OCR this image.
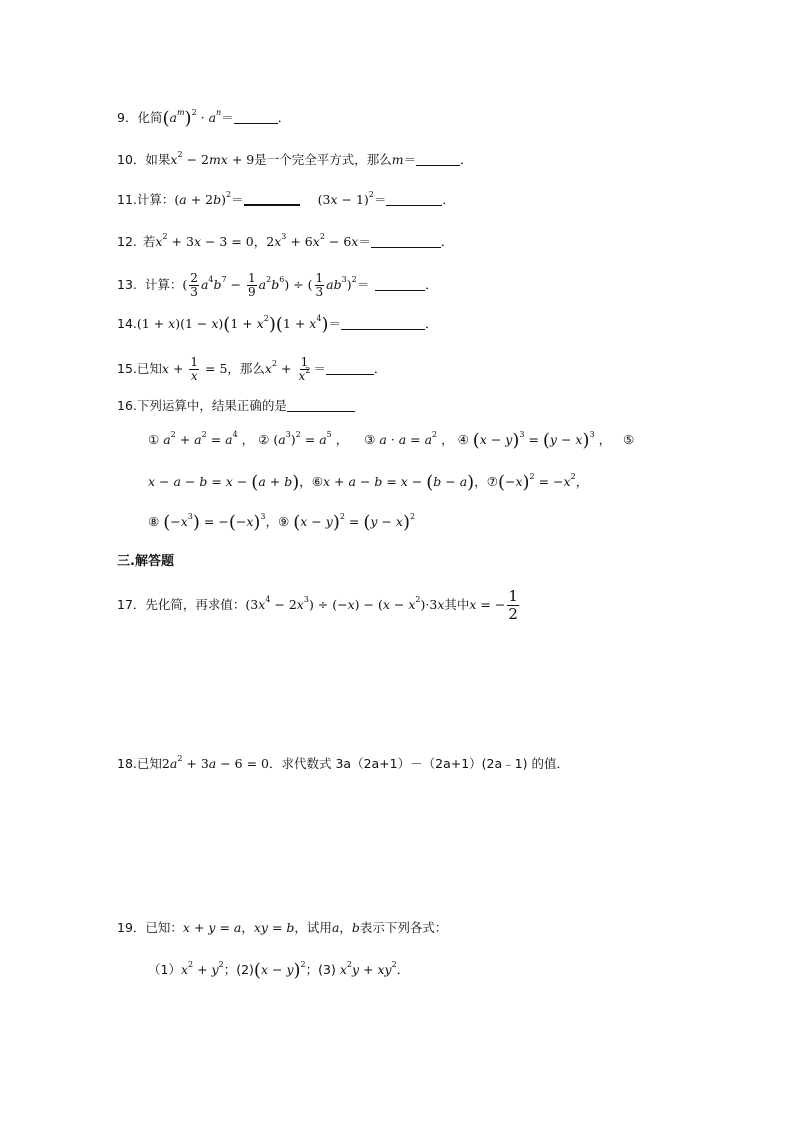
9．化简$(a^m)^2 \cdot a^n=$	．
10．如果$x^2 - 2mx + 9$是一个完全平方式，那么m＝	．
11.计算：$(a + 2b)^2=$	$(3x - 1)^2=$	．
12. 若$x^2 + 3x - 3 = 0$，$2x^3 + 6x^2 - 6x=$	．
13. 计算：( $\frac{2}{3} a^4b^7 - \frac{1}{9} a^2b^6$) ÷ ( $\frac{1}{3} ab^3)^2=$	．
$14.(1 + x)(1 - x)(1 + x^2)(1 + x^4)=$	．
15.已知$x + \frac{1}{x} = 5$，那么$x^2 + \frac{1}{x^2}$ ＝	．
16.下列运算中，结果正确的是
① $a^2 + a^2 = a^4$ ， ② $(a^3)^2 = a^5$ ，    ③ $a \cdot a = a^2$ ， ④ $(x - y)^3 = (y - x)^3$ ，   ⑤
x − a − b = x − (a + b)，⑥x + a − b = x − (b − a)，$⑦(-x)^2 = -x^2$，
⑧ $(-x^3) = -(-x)^3$，⑨ $(x - y)^2 = (y - x)^2$
三.解答题
17．先化简，再求值：$(3x^4 - 2x^3) \div (-x) - (x - x^2)\cdot 3x$其中x = − $\frac{1}{2}$
18.已知$2a^2 + 3a - 6 = 0$．求代数式 3a（2a+1）－（2a+1）(2a﹣1) 的值．
19．已知：x + y = a，xy = b，试用a，b表示下列各式：
$(1)x^2 + y^2$；$(2)(x - y)^2$；(3) $x^2y + xy^2$．
